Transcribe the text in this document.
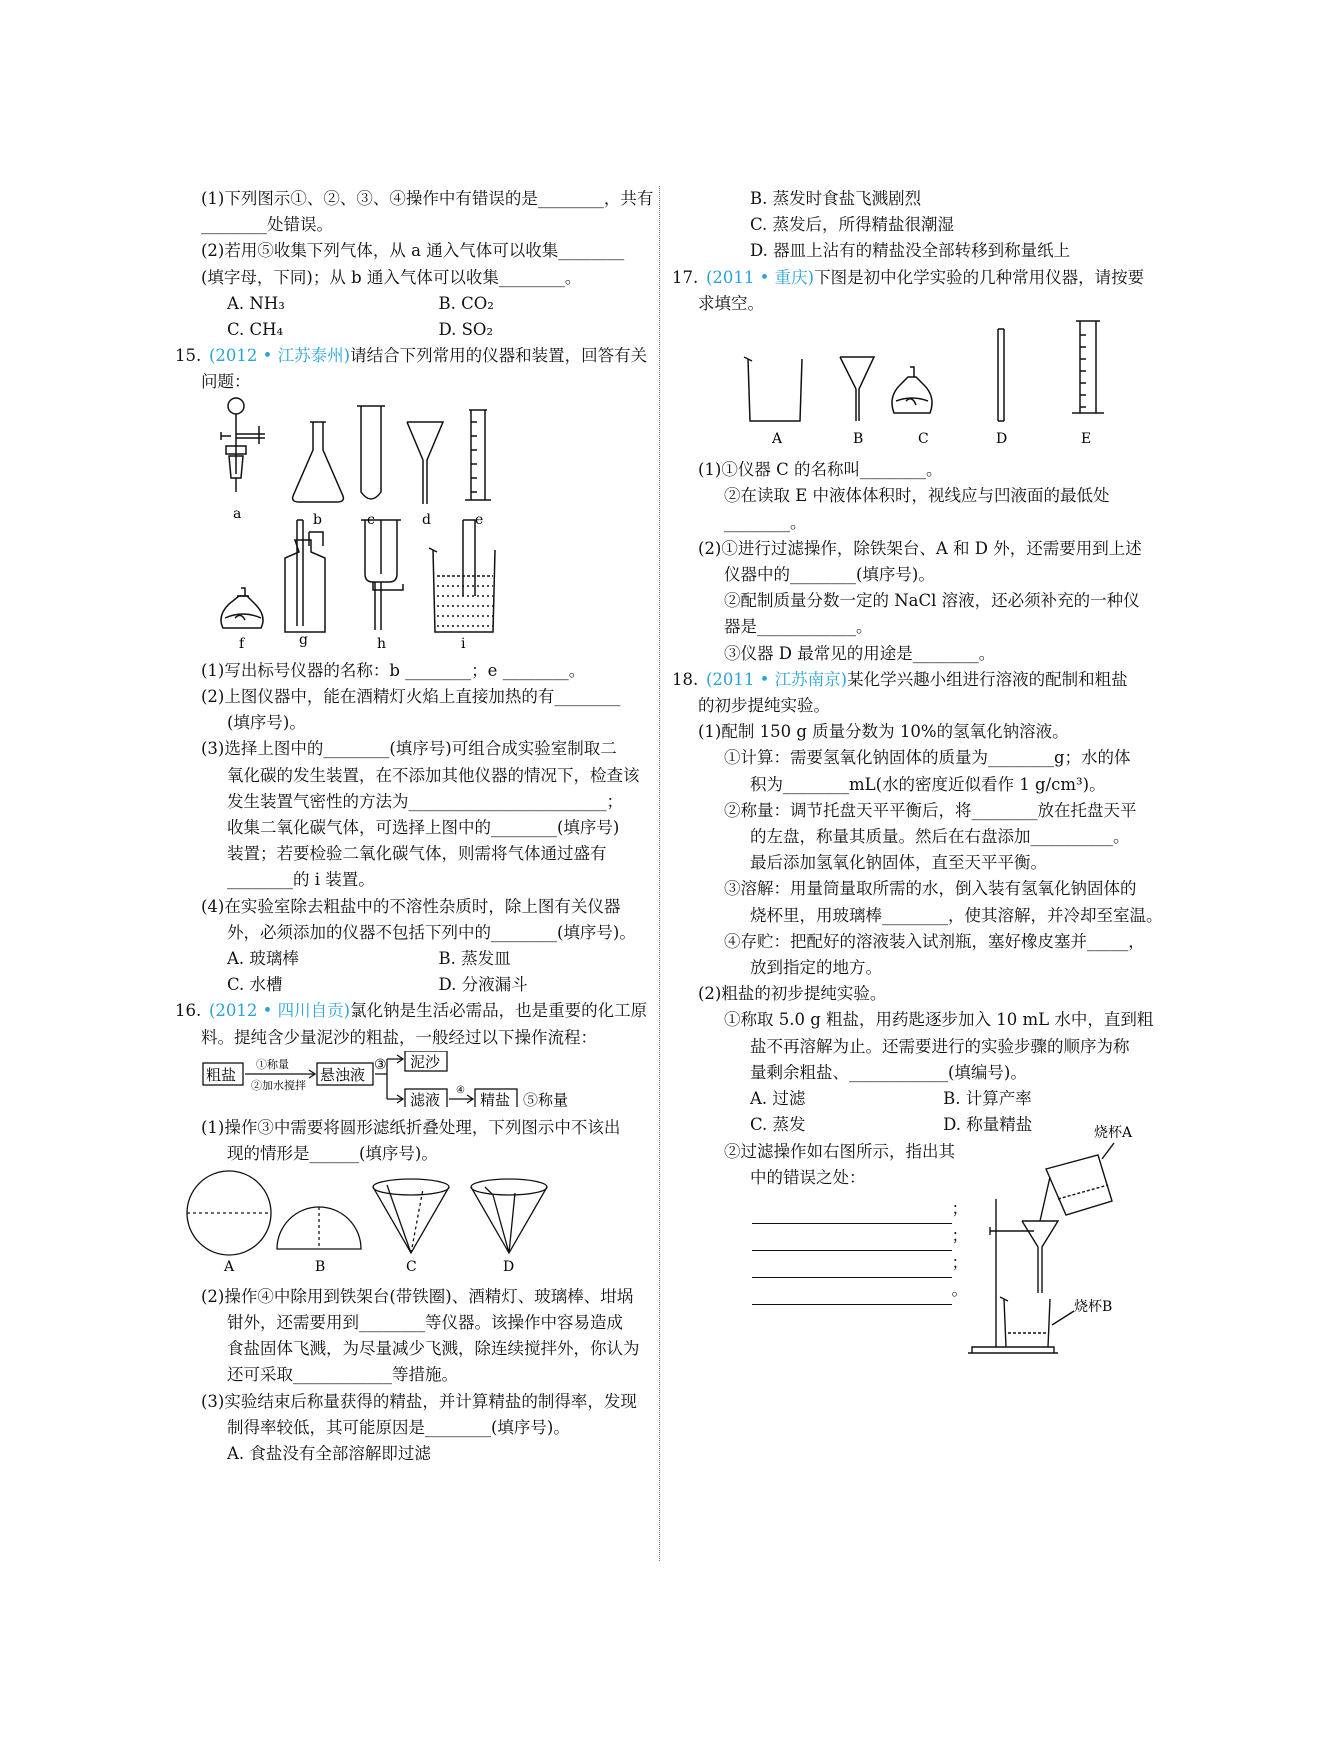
(1)下列图示①、②、③、④操作中有错误的是________，共有
________处错误。
(2)若用⑤收集下列气体，从 a 通入气体可以收集________
(填字母，下同)；从 b 通入气体可以收集________。
A. NH₃	B. CO₂
C. CH₄	D. SO₂
15. (2012 • 江苏泰州)请结合下列常用的仪器和装置，回答有关
问题：
a	b	c	d	e
f	g	h	i
(1)写出标号仪器的名称：b ________；e ________。
(2)上图仪器中，能在酒精灯火焰上直接加热的有________
(填序号)。
(3)选择上图中的________(填序号)可组合成实验室制取二
氧化碳的发生装置，在不添加其他仪器的情况下，检查该
发生装置气密性的方法为________________________；
收集二氧化碳气体，可选择上图中的________(填序号)
装置；若要检验二氧化碳气体，则需将气体通过盛有
________的 i 装置。
(4)在实验室除去粗盐中的不溶性杂质时，除上图有关仪器
外，必须添加的仪器不包括下列中的________(填序号)。
A. 玻璃棒	B. 蒸发皿
C. 水槽	D. 分液漏斗
16. (2012 • 四川自贡)氯化钠是生活必需品，也是重要的化工原
料。提纯含少量泥沙的粗盐，一般经过以下操作流程：
粗盐
①称量
②加水搅拌
悬浊液
③ 泥沙
滤液
④
精盐 ⑤称量
(1)操作③中需要将圆形滤纸折叠处理，下列图示中不该出
现的情形是______(填序号)。
A	B	C	D
(2)操作④中除用到铁架台(带铁圈)、酒精灯、玻璃棒、坩埚
钳外，还需要用到________等仪器。该操作中容易造成
食盐固体飞溅，为尽量减少飞溅，除连续搅拌外，你认为
还可采取____________等措施。
(3)实验结束后称量获得的精盐，并计算精盐的制得率，发现
制得率较低，其可能原因是________(填序号)。
A. 食盐没有全部溶解即过滤
B. 蒸发时食盐飞溅剧烈
C. 蒸发后，所得精盐很潮湿
D. 器皿上沾有的精盐没全部转移到称量纸上
17. (2011 • 重庆)下图是初中化学实验的几种常用仪器，请按要
求填空。
A	B	C	D	E
(1)①仪器 C 的名称叫________。
②在读取 E 中液体体积时，视线应与凹液面的最低处
________。
(2)①进行过滤操作，除铁架台、A 和 D 外，还需要用到上述
仪器中的________(填序号)。
②配制质量分数一定的 NaCl 溶液，还必须补充的一种仪
器是____________。
③仪器 D 最常见的用途是________。
18. (2011 • 江苏南京)某化学兴趣小组进行溶液的配制和粗盐
的初步提纯实验。
(1)配制 150 g 质量分数为 10%的氢氧化钠溶液。
①计算：需要氢氧化钠固体的质量为________g；水的体
积为________mL(水的密度近似看作 1 g/cm³)。
②称量：调节托盘天平平衡后，将________放在托盘天平
的左盘，称量其质量。然后在右盘添加__________。
最后添加氢氧化钠固体，直至天平平衡。
③溶解：用量筒量取所需的水，倒入装有氢氧化钠固体的
烧杯里，用玻璃棒________，使其溶解，并冷却至室温。
④存贮：把配好的溶液装入试剂瓶，塞好橡皮塞并_____，
放到指定的地方。
(2)粗盐的初步提纯实验。
①称取 5.0 g 粗盐，用药匙逐步加入 10 mL 水中，直到粗
盐不再溶解为止。还需要进行的实验步骤的顺序为称
量剩余粗盐、____________(填编号)。
A. 过滤	B. 计算产率
C. 蒸发	D. 称量精盐
②过滤操作如右图所示，指出其
中的错误之处：
；
；
；
。
烧杯A
烧杯B
